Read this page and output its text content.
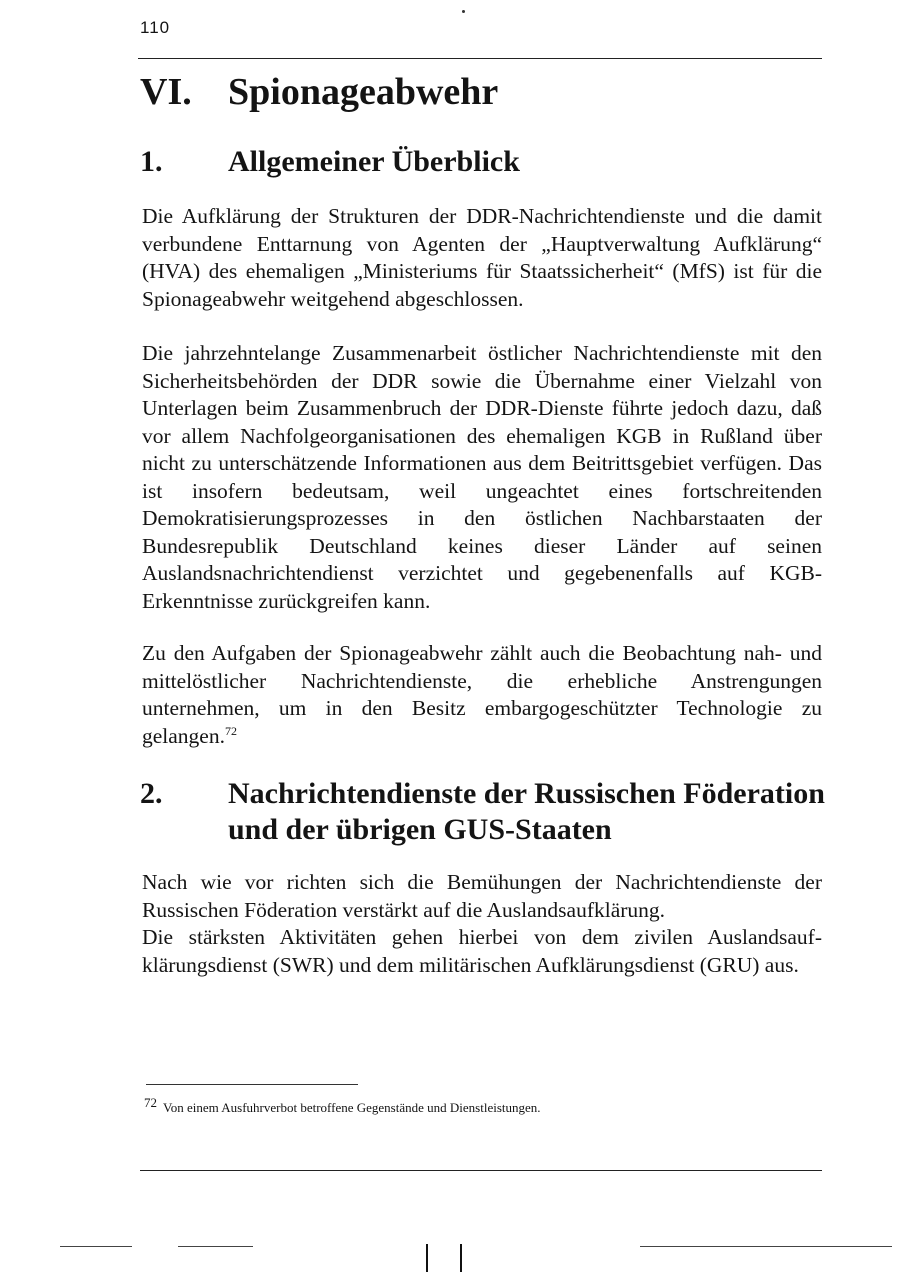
110
VI. Spionageabwehr
1. Allgemeiner Überblick

Die Aufklärung der Strukturen der DDR-Nachrichtendienste und die damit verbundene Enttarnung von Agenten der „Hauptverwaltung Aufklärung“ (HVA) des ehemaligen „Ministeriums für Staatssicherheit“ (MfS) ist für die Spionageabwehr weitgehend abgeschlossen.

Die jahrzehntelange Zusammenarbeit östlicher Nachrichtendienste mit den Sicherheitsbehörden der DDR sowie die Übernahme einer Vielzahl von Unterlagen beim Zusammenbruch der DDR-Dienste führte jedoch dazu, daß vor allem Nachfolgeorganisationen des ehemaligen KGB in Rußland über nicht zu unterschätzende Informationen aus dem Beitrittsgebiet verfügen. Das ist insofern bedeutsam, weil ungeachtet eines fortschreitenden Demokratisierungsprozesses in den östlichen Nachbarstaaten der Bundesrepublik Deutschland keines dieser Länder auf seinen Auslandsnachrichtendienst verzichtet und gegebenenfalls auf KGB-Erkenntnisse zurückgreifen kann.

Zu den Aufgaben der Spionageabwehr zählt auch die Beobachtung nah- und mittelöstlicher Nachrichtendienste, die erhebliche Anstrengungen unternehmen, um in den Besitz embargogeschützter Technologie zu gelangen.$^{72}$

2. Nachrichtendienste der Russischen Föderation und der übrigen GUS-Staaten

Nach wie vor richten sich die Bemühungen der Nachrichtendienste der Russischen Föderation verstärkt auf die Auslandsaufklärung.

Die stärksten Aktivitäten gehen hierbei von dem zivilen Auslandsaufklärungsdienst (SWR) und dem militärischen Aufklärungsdienst (GRU) aus.

72 Von einem Ausfuhrverbot betroffene Gegenstände und Dienstleistungen.
